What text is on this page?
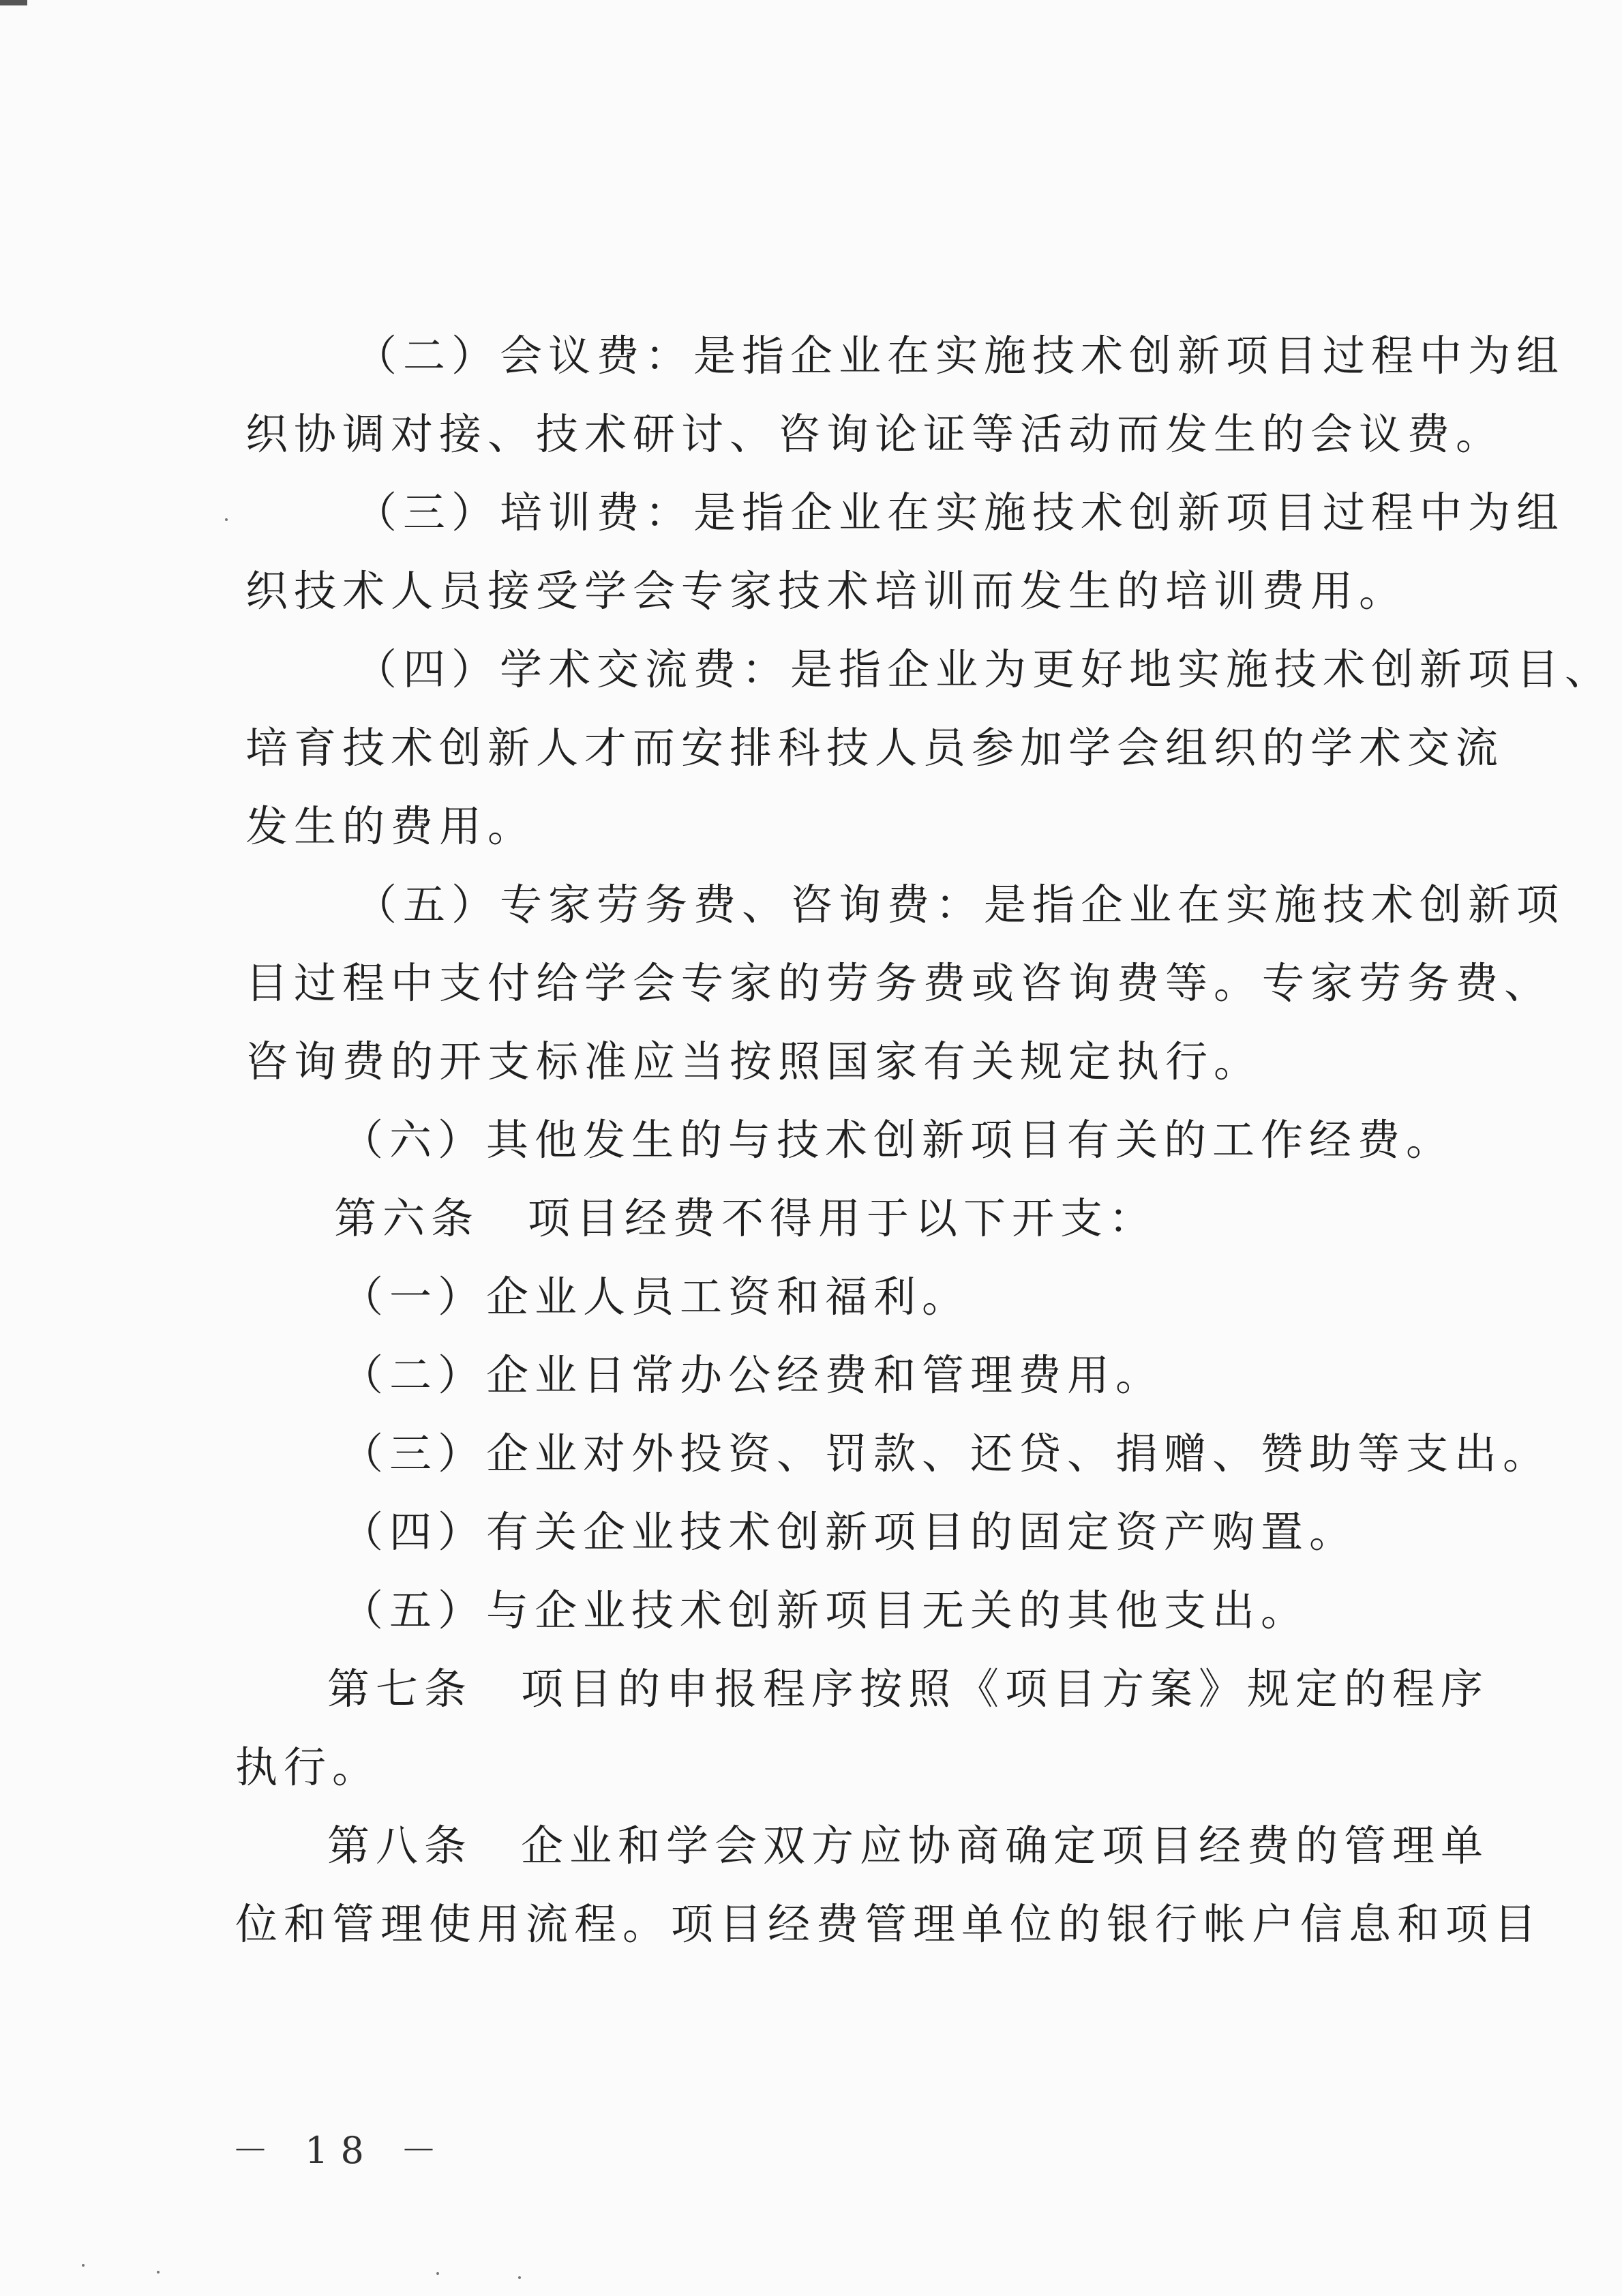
（二）会议费：是指企业在实施技术创新项目过程中为组
织协调对接、技术研讨、咨询论证等活动而发生的会议费。
（三）培训费：是指企业在实施技术创新项目过程中为组
织技术人员接受学会专家技术培训而发生的培训费用。
（四）学术交流费：是指企业为更好地实施技术创新项目、
培育技术创新人才而安排科技人员参加学会组织的学术交流
发生的费用。
（五）专家劳务费、咨询费：是指企业在实施技术创新项
目过程中支付给学会专家的劳务费或咨询费等。专家劳务费、
咨询费的开支标准应当按照国家有关规定执行。
（六）其他发生的与技术创新项目有关的工作经费。
第六条　项目经费不得用于以下开支：
（一）企业人员工资和福利。
（二）企业日常办公经费和管理费用。
（三）企业对外投资、罚款、还贷、捐赠、赞助等支出。
（四）有关企业技术创新项目的固定资产购置。
（五）与企业技术创新项目无关的其他支出。
第七条　项目的申报程序按照《项目方案》规定的程序
执行。
第八条　企业和学会双方应协商确定项目经费的管理单
位和管理使用流程。项目经费管理单位的银行帐户信息和项目
－ 18 －
